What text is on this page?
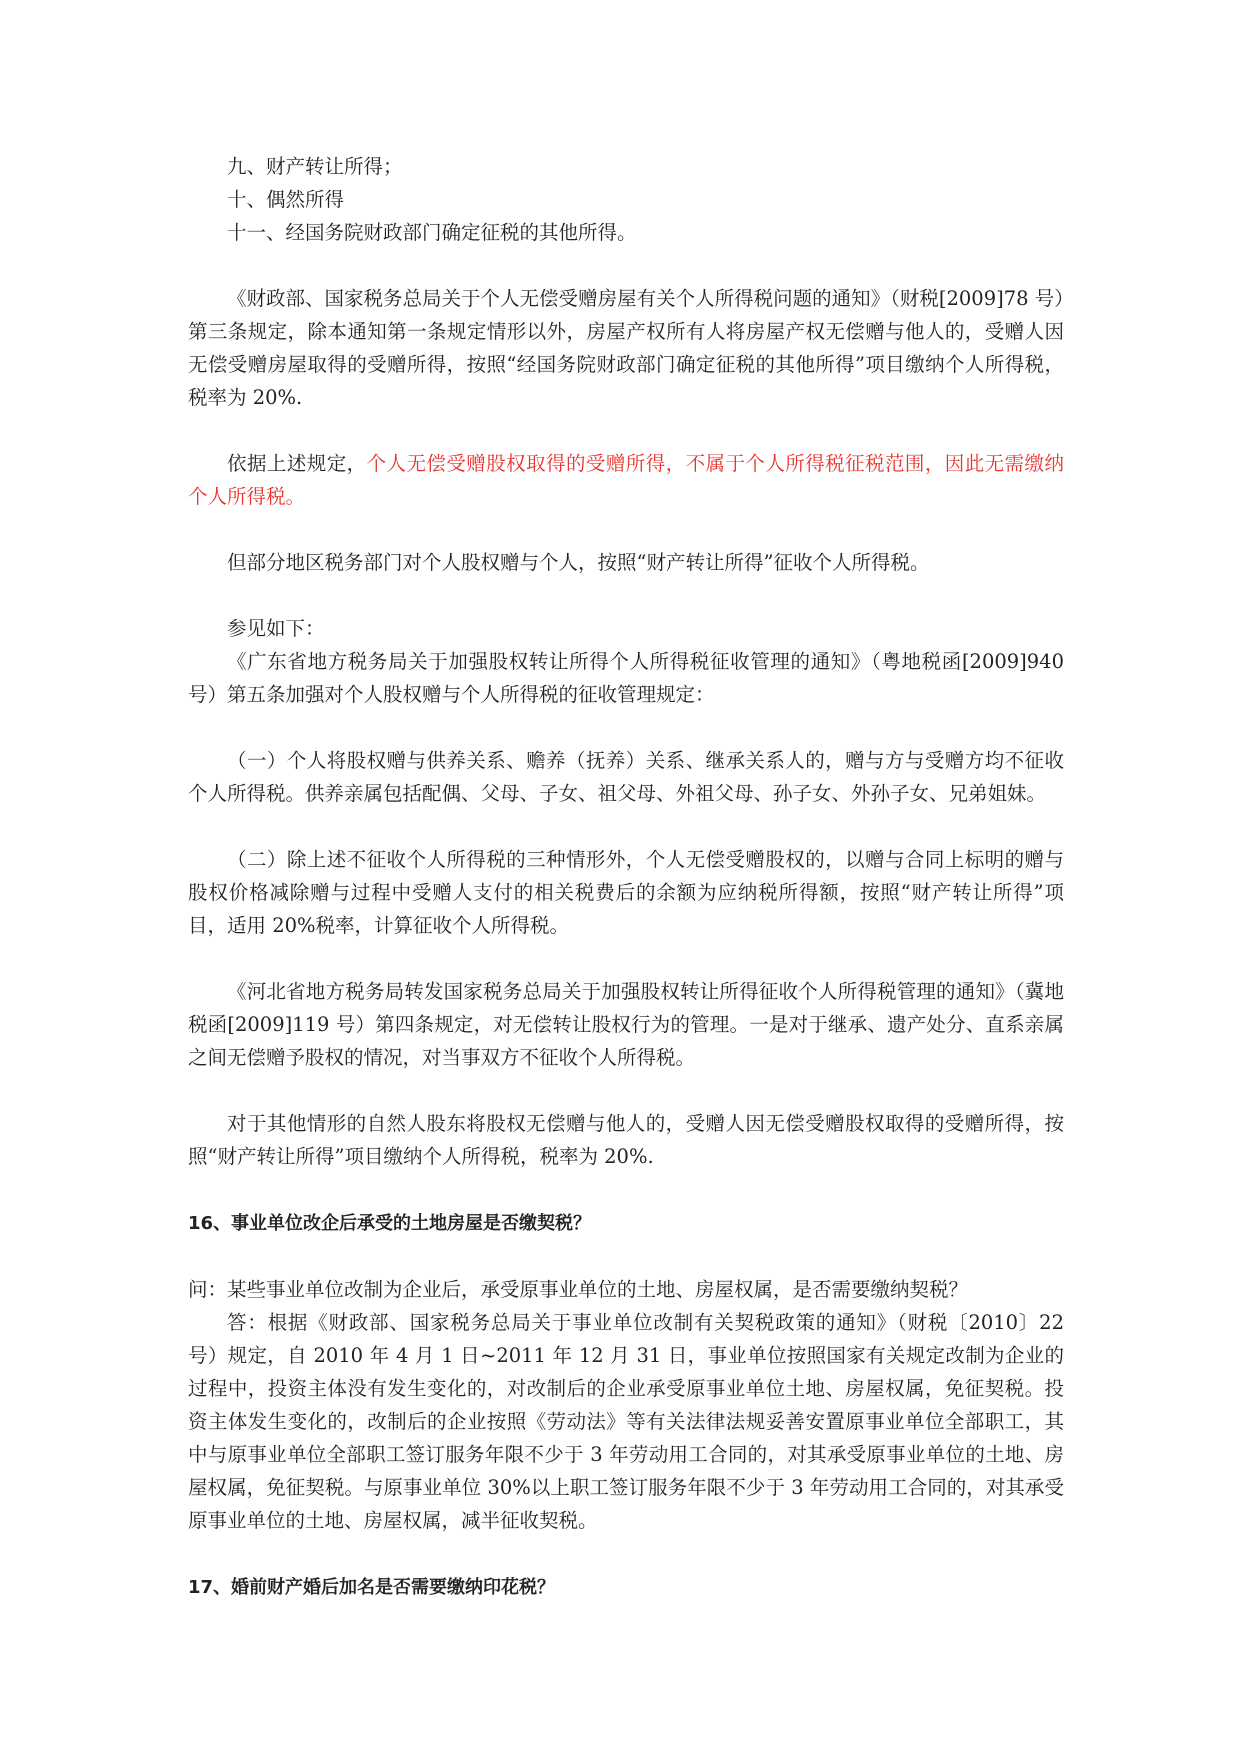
九、财产转让所得；

十、偶然所得

十一、经国务院财政部门确定征税的其他所得。

《财政部、国家税务总局关于个人无偿受赠房屋有关个人所得税问题的通知》（财税[2009]78 号）第三条规定，除本通知第一条规定情形以外，房屋产权所有人将房屋产权无偿赠与他人的，受赠人因无偿受赠房屋取得的受赠所得，按照“经国务院财政部门确定征税的其他所得”项目缴纳个人所得税，税率为 20%.

依据上述规定，个人无偿受赠股权取得的受赠所得，不属于个人所得税征税范围，因此无需缴纳个人所得税。

但部分地区税务部门对个人股权赠与个人，按照“财产转让所得”征收个人所得税。

参见如下：

《广东省地方税务局关于加强股权转让所得个人所得税征收管理的通知》（粤地税函[2009]940 号）第五条加强对个人股权赠与个人所得税的征收管理规定：

（一）个人将股权赠与供养关系、赡养（抚养）关系、继承关系人的，赠与方与受赠方均不征收个人所得税。供养亲属包括配偶、父母、子女、祖父母、外祖父母、孙子女、外孙子女、兄弟姐妹。

（二）除上述不征收个人所得税的三种情形外，个人无偿受赠股权的，以赠与合同上标明的赠与股权价格减除赠与过程中受赠人支付的相关税费后的余额为应纳税所得额，按照“财产转让所得”项目，适用 20%税率，计算征收个人所得税。

《河北省地方税务局转发国家税务总局关于加强股权转让所得征收个人所得税管理的通知》（冀地税函[2009]119 号）第四条规定，对无偿转让股权行为的管理。一是对于继承、遗产处分、直系亲属之间无偿赠予股权的情况，对当事双方不征收个人所得税。

对于其他情形的自然人股东将股权无偿赠与他人的，受赠人因无偿受赠股权取得的受赠所得，按照“财产转让所得”项目缴纳个人所得税，税率为 20%.

16、事业单位改企后承受的土地房屋是否缴契税？

问：某些事业单位改制为企业后，承受原事业单位的土地、房屋权属，是否需要缴纳契税？

答：根据《财政部、国家税务总局关于事业单位改制有关契税政策的通知》（财税〔2010〕22 号）规定，自 2010 年 4 月 1 日~2011 年 12 月 31 日，事业单位按照国家有关规定改制为企业的过程中，投资主体没有发生变化的，对改制后的企业承受原事业单位土地、房屋权属，免征契税。投资主体发生变化的，改制后的企业按照《劳动法》等有关法律法规妥善安置原事业单位全部职工，其中与原事业单位全部职工签订服务年限不少于 3 年劳动用工合同的，对其承受原事业单位的土地、房屋权属，免征契税。与原事业单位 30%以上职工签订服务年限不少于 3 年劳动用工合同的，对其承受原事业单位的土地、房屋权属，减半征收契税。

17、婚前财产婚后加名是否需要缴纳印花税？
